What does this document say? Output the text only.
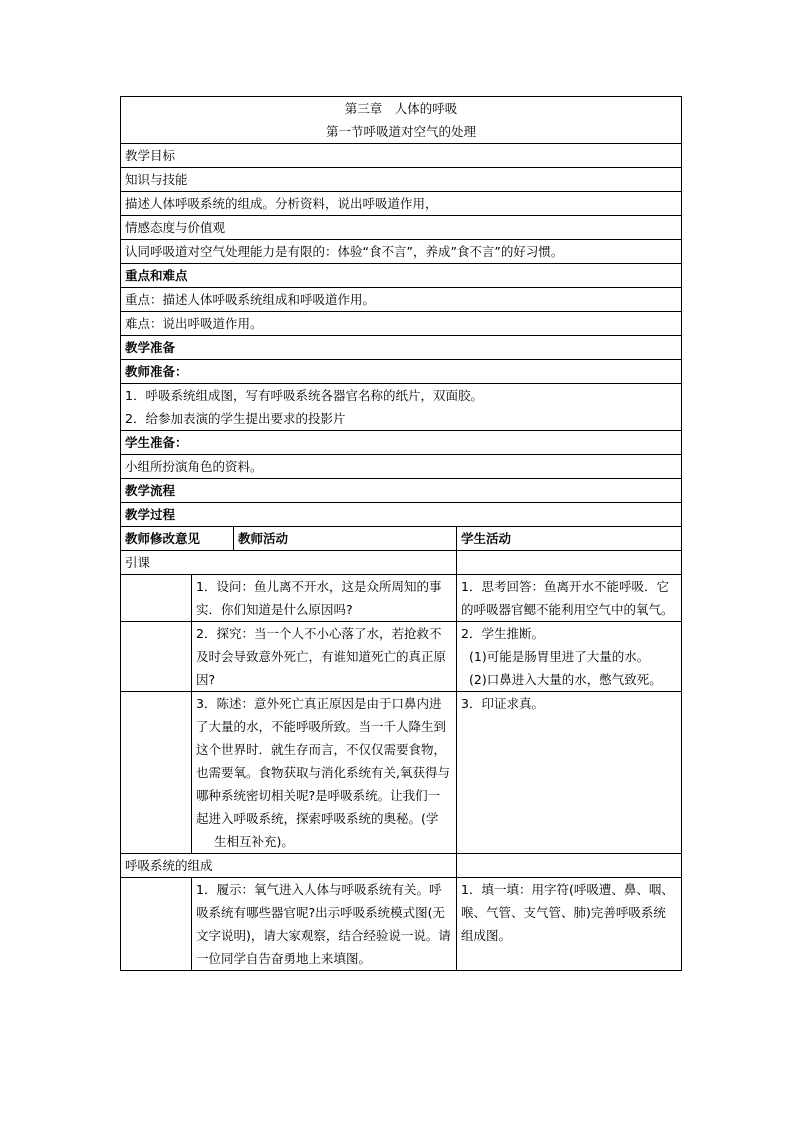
第三章　人体的呼吸
第一节呼吸道对空气的处理			

教学目标			
知识与技能			
描述人体呼吸系统的组成。分析资料，说出呼吸道作用，			
情感态度与价值观			
认同呼吸道对空气处理能力是有限的：体验“食不言”，养成”食不言”的好习惯。			
重点和难点			
重点：描述人体呼吸系统组成和呼吸道作用。			
难点：说出呼吸道作用。			
教学准备			
教师准备：			

1．呼吸系统组成图，写有呼吸系统各器官名称的纸片，双面胶。
2．给参加表演的学生提出要求的投影片			

学生准备：			
小组所扮演角色的资料。			
教学流程			
教学过程			
教师修改意见		教师活动	学生活动
引课			
	1．设问：鱼儿离不开水，这是众所周知的事实．你们知道是什么原因吗?		1．思考回答：鱼离开水不能呼吸．它的呼吸器官鳃不能利用空气中的氧气。
	2．探究：当一个人不小心落了水，若抢救不及时会导致意外死亡，有谁知道死亡的真正原因?		2．学生推断。
(1)可能是肠胃里进了大量的水。
(2)口鼻进入大量的水，憋气致死。

	3．陈述：意外死亡真正原因是由于口鼻内进了大量的水，不能呼吸所致。当一千人降生到这个世界时．就生存而言，不仅仅需要食物，也需要氧。食物获取与消化系统有关,氧获得与哪种系统密切相关呢?是呼吸系统。让我们一起进入呼吸系统，探索呼吸系统的奥秘。(学
生相互补充)。		3．印证求真。
呼吸系统的组成			
	1．履示：氧气进入人体与呼吸系统有关。呼吸系统有哪些器官呢?出示呼吸系统模式图(无文字说明)，请大家观察，结合经验说一说。请一位同学自告奋勇地上来填图。		1．填一填：用字符(呼吸遭、鼻、咽、喉、气管、支气管、肺)完善呼吸系统组成图。
